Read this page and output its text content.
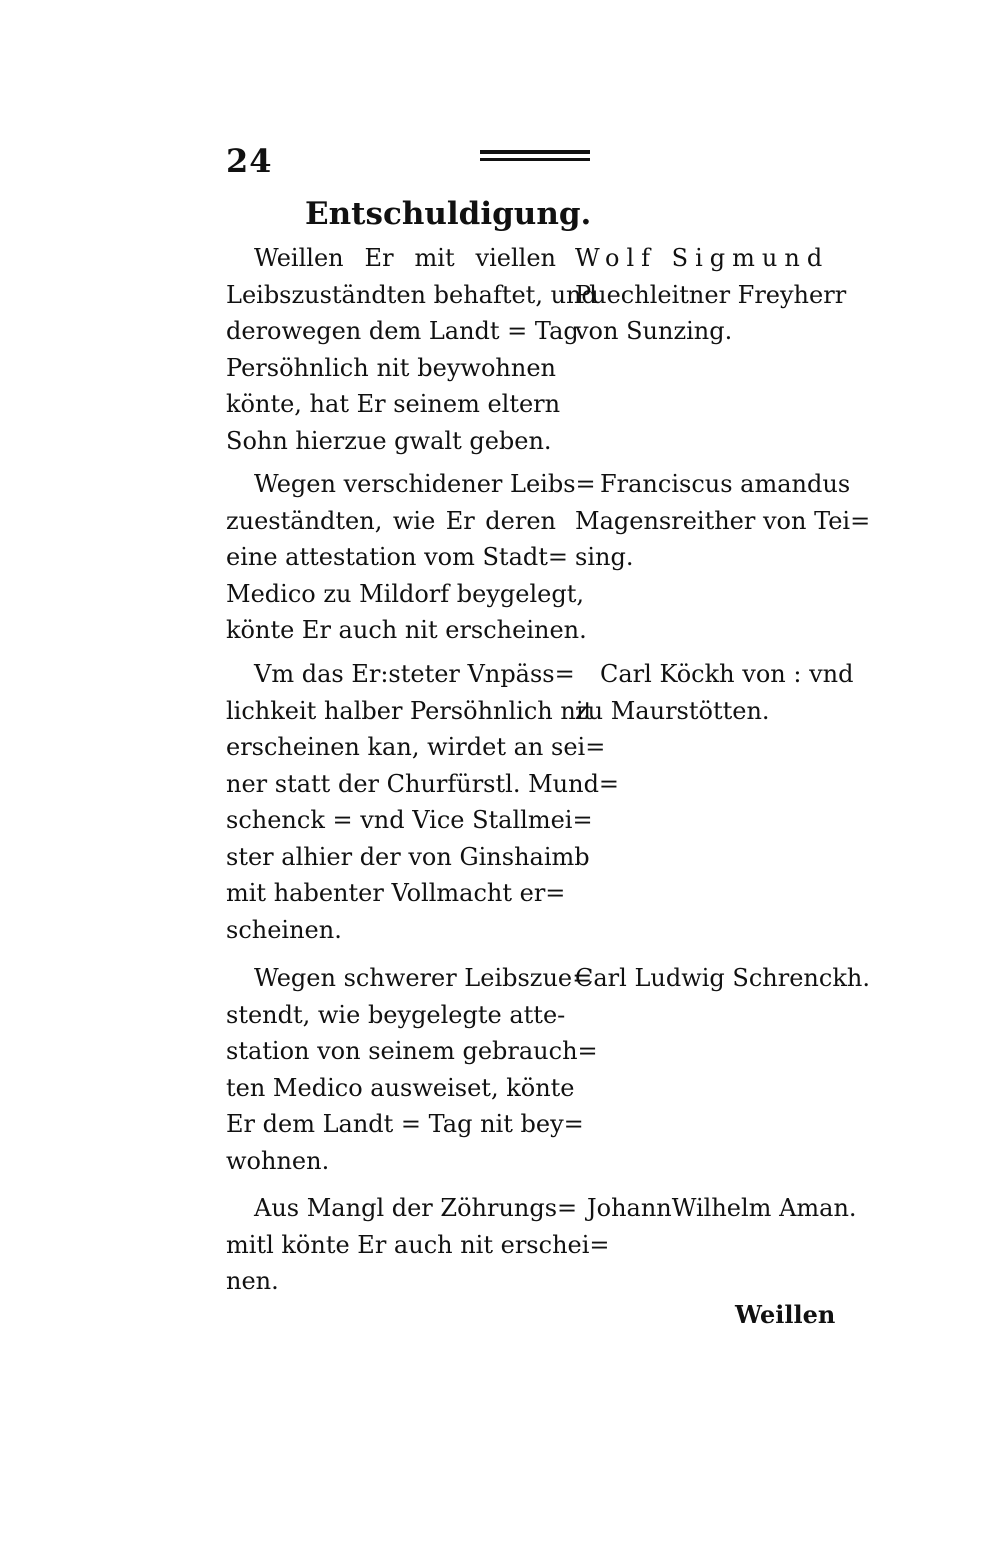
24
Entschuldigung.
Weillen Er mit viellen
Leibszuständten behaftet, und
derowegen dem Landt = Tag
Persöhnlich nit beywohnen
könte, hat Er seinem eltern
Sohn hierzue gwalt geben.
Wolf Sigmund
Puechleitner Freyherr
von Sunzing.
Wegen verschidener Leibs=
zueständten, wie Er deren
eine attestation vom Stadt=
Medico zu Mildorf beygelegt,
könte Er auch nit erscheinen.
Franciscus amandus
Magensreither von Tei=
sing.
Vm das Er:steter Vnpäss=
lichkeit halber Persöhnlich nit
erscheinen kan, wirdet an sei=
ner statt der Churfürstl. Mund=
schenck = vnd Vice Stallmei=
ster alhier der von Ginshaimb
mit habenter Vollmacht er=
scheinen.
Carl Köckh von : vnd
zu Maurstötten.
Wegen schwerer Leibszue=
stendt, wie beygelegte atte-
station von seinem gebrauch=
ten Medico ausweiset, könte
Er dem Landt = Tag nit bey=
wohnen.
Carl Ludwig Schrenckh.
Aus Mangl der Zöhrungs=
mitl könte Er auch nit erschei=
nen.
JohannWilhelm Aman.
Weillen
